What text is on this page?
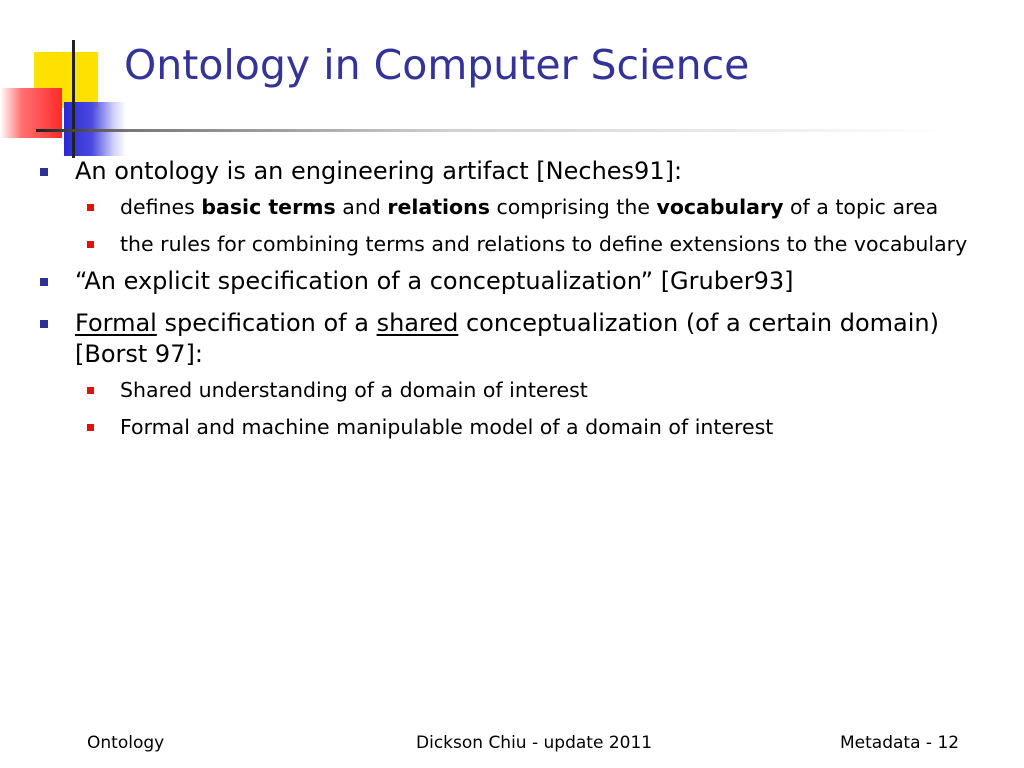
Ontology in Computer Science
An ontology is an engineering artifact [Neches91]:
defines basic terms and relations comprising the vocabulary of a topic area
the rules for combining terms and relations to define extensions to the vocabulary
“An explicit specification of a conceptualization” [Gruber93]
Formal specification of a shared conceptualization (of a certain domain) [Borst 97]:
Shared understanding of a domain of interest
Formal and machine manipulable model of a domain of interest
Ontology	Dickson Chiu - update 2011	Metadata - 12
